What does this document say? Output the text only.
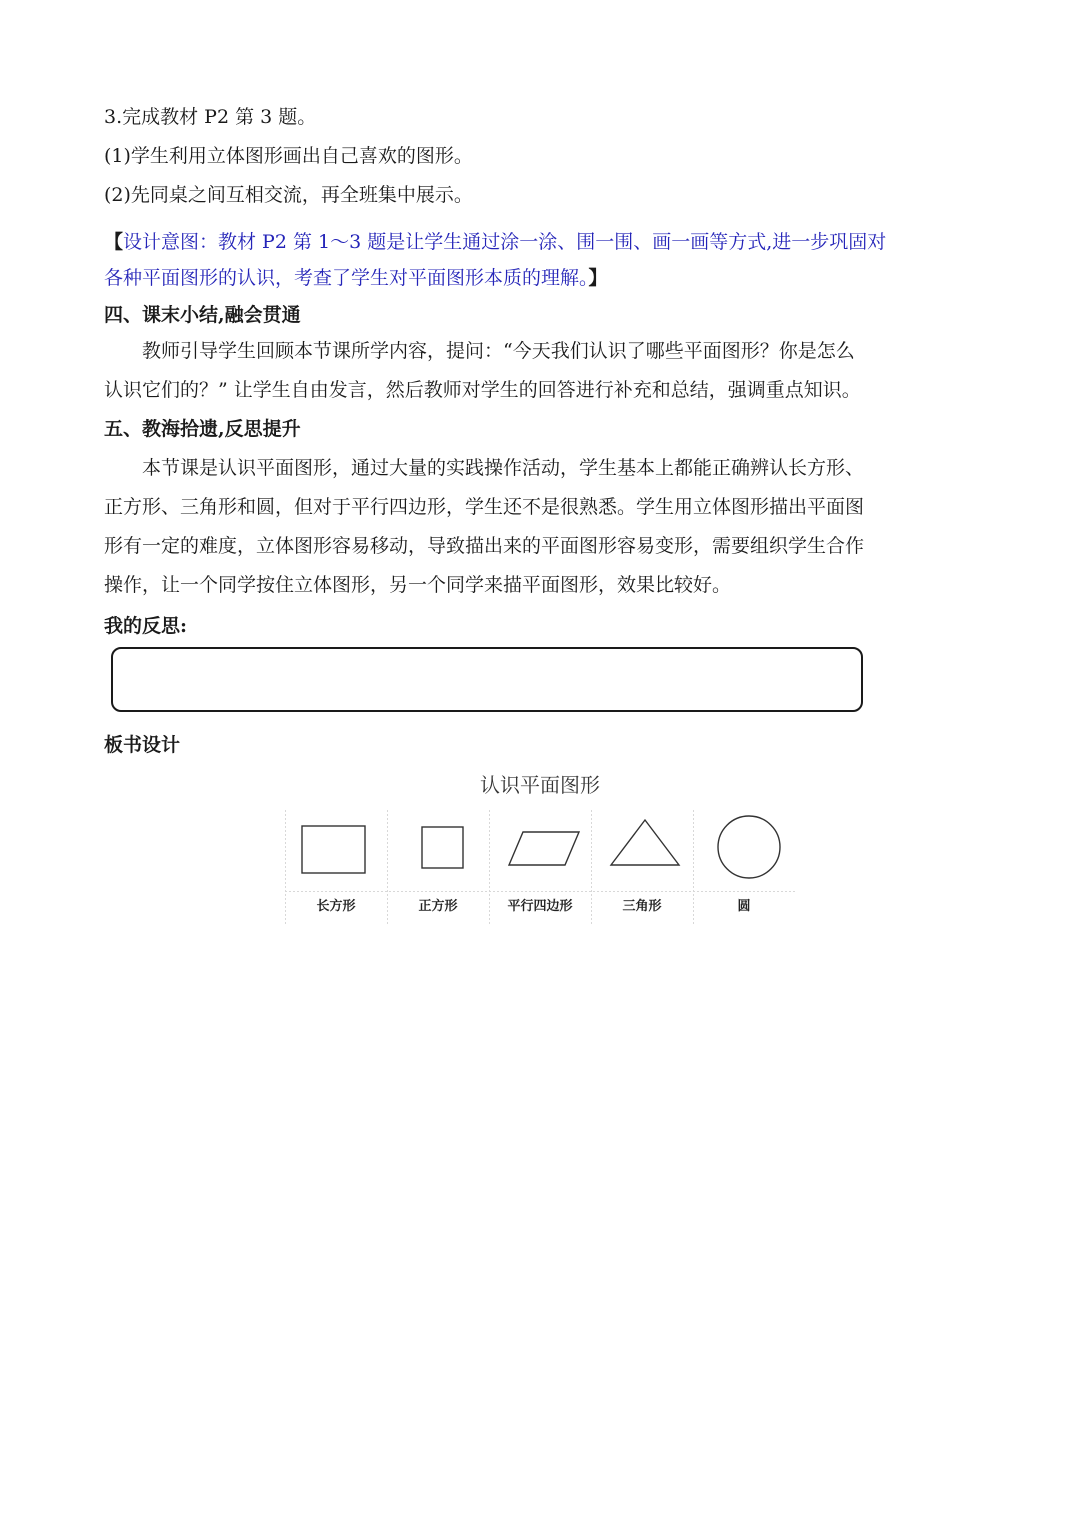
3.完成教材 P2 第 3 题。
(1)学生利用立体图形画出自己喜欢的图形。
(2)先同桌之间互相交流，再全班集中展示。
【设计意图：教材 P2 第 1～3 题是让学生通过涂一涂、围一围、画一画等方式,进一步巩固对
各种平面图形的认识，考查了学生对平面图形本质的理解。】
四、课末小结,融会贯通
教师引导学生回顾本节课所学内容，提问：“今天我们认识了哪些平面图形？你是怎么
认识它们的？” 让学生自由发言，然后教师对学生的回答进行补充和总结，强调重点知识。
五、教海拾遗,反思提升
本节课是认识平面图形，通过大量的实践操作活动，学生基本上都能正确辨认长方形、
正方形、三角形和圆，但对于平行四边形，学生还不是很熟悉。学生用立体图形描出平面图
形有一定的难度，立体图形容易移动，导致描出来的平面图形容易变形，需要组织学生合作
操作，让一个同学按住立体图形，另一个同学来描平面图形，效果比较好。
我的反思:
板书设计
认识平面图形
长方形	正方形	平行四边形	三角形	圆
